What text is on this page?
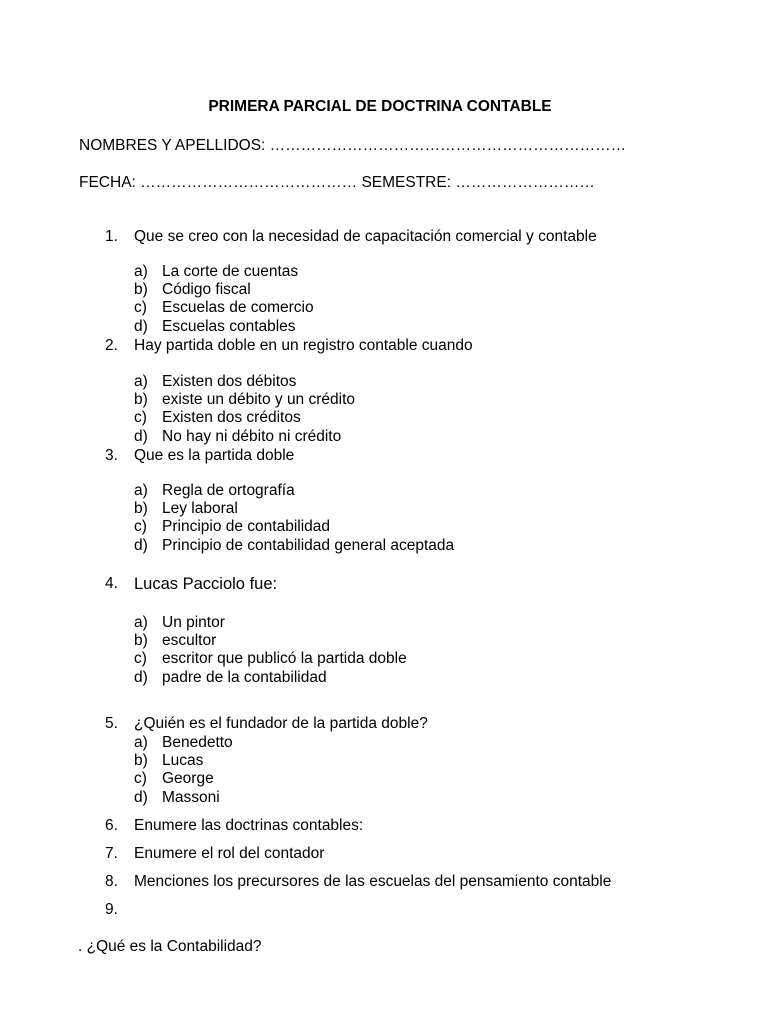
PRIMERA PARCIAL DE DOCTRINA CONTABLE
NOMBRES Y APELLIDOS: ……………………………………………………………
FECHA: …………………………………… SEMESTRE: ………………………
1.	Que se creo con la necesidad de capacitación comercial y contable
a) La corte de cuentas
b) Código fiscal
c) Escuelas de comercio
d) Escuelas contables
2.	Hay partida doble en un registro contable cuando
a) Existen dos débitos
b) existe un débito y un crédito
c) Existen dos créditos
d) No hay ni débito ni crédito
3.	Que es la partida doble
a) Regla de ortografía
b) Ley laboral
c) Principio de contabilidad
d) Principio de contabilidad general aceptada
4. Lucas Pacciolo fue:
a) Un pintor
b) escultor
c) escritor que publicó la partida doble
d) padre de la contabilidad
5.	¿Quién es el fundador de la partida doble?
a) Benedetto
b) Lucas
c) George
d) Massoni
6.	Enumere las doctrinas contables:
7.	Enumere el rol del contador
8.	Menciones los precursores de las escuelas del pensamiento contable
9.
. ¿Qué es la Contabilidad?
